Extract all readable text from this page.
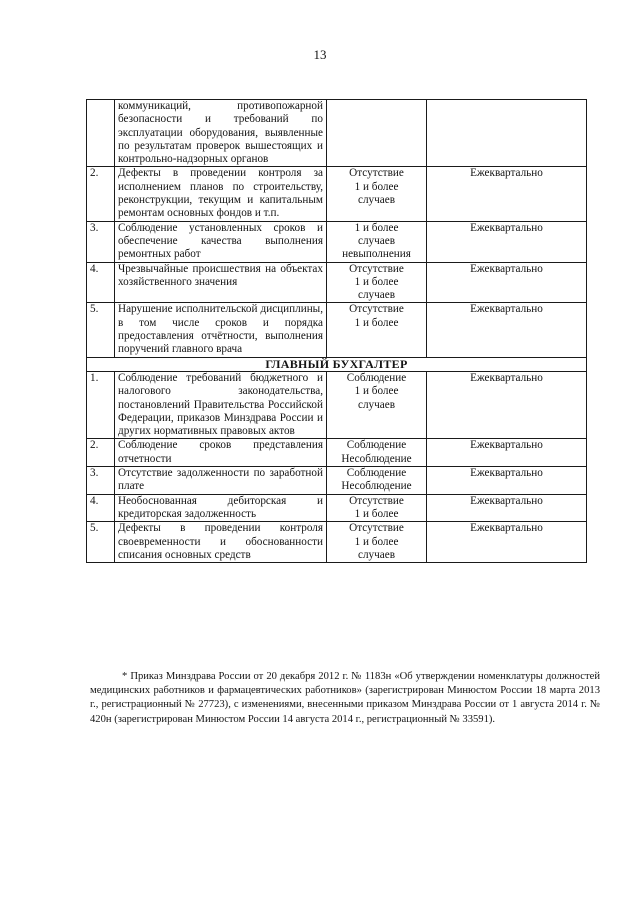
13
	коммуникаций, противопожарной безопасности и требований по эксплуатации оборудования, выявленные по результатам проверок вышестоящих и контрольно-надзорных органов		
2.	Дефекты в проведении контроля за исполнением планов по строительству, реконструкции, текущим и капитальным ремонтам основных фондов и т.п.	Отсутствие
1 и более
случаев	Ежеквартально
3.	Соблюдение установленных сроков и обеспечение качества выполнения ремонтных работ	1 и более
случаев
невыполнения	Ежеквартально
4.	Чрезвычайные происшествия на объектах хозяйственного значения	Отсутствие
1 и более
случаев	Ежеквартально
5.	Нарушение исполнительской дисциплины, в том числе сроков и порядка предоставления отчётности, выполнения поручений главного врача	Отсутствие
1 и более	Ежеквартально
ГЛАВНЫЙ БУХГАЛТЕР			
1.	Соблюдение требований бюджетного и налогового законодательства, постановлений Правительства Российской Федерации, приказов Минздрава России и других нормативных правовых актов	Соблюдение
1 и более
случаев	Ежеквартально
2.	Соблюдение сроков представления отчетности	Соблюдение
Несоблюдение	Ежеквартально
3.	Отсутствие задолженности по заработной плате	Соблюдение
Несоблюдение	Ежеквартально
4.	Необоснованная дебиторская и кредиторская задолженность	Отсутствие
1 и более	Ежеквартально
5.	Дефекты в проведении контроля своевременности и обоснованности списания основных средств	Отсутствие
1 и более
случаев	Ежеквартально
* Приказ Минздрава России от 20 декабря 2012 г. № 1183н «Об утверждении номенклатуры должностей медицинских работников и фармацевтических работников» (зарегистрирован Минюстом России 18 марта 2013 г., регистрационный № 27723), с изменениями, внесенными приказом Минздрава России от 1 августа 2014 г. № 420н (зарегистрирован Минюстом России 14 августа 2014 г., регистрационный № 33591).
